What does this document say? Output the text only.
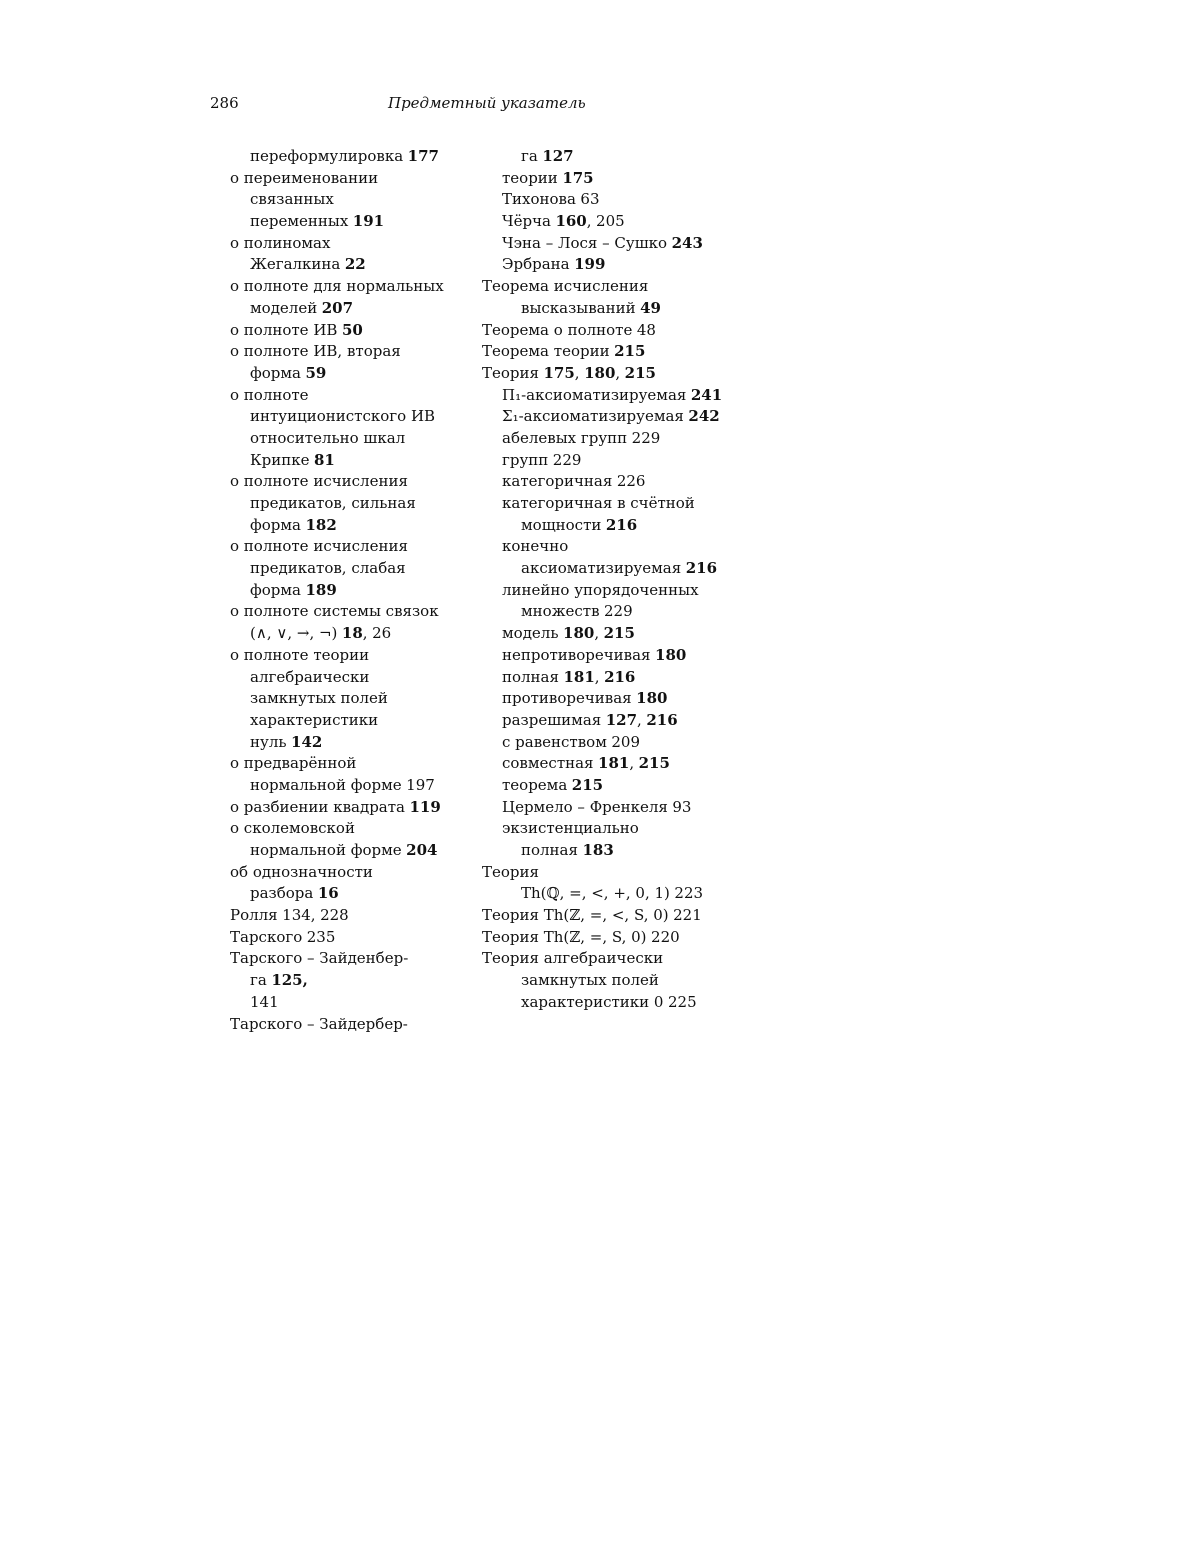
286	Предметный указатель
переформулировка 177
о переименовании
связанных
переменных 191
о полиномах
Жегалкина 22
о полноте для нормальных
моделей 207
о полноте ИВ 50
о полноте ИВ, вторая
форма 59
о полноте
интуиционистского ИВ
относительно шкал
Крипке 81
о полноте исчисления
предикатов, сильная
форма 182
о полноте исчисления
предикатов, слабая
форма 189
о полноте системы связок
(∧, ∨, →, ¬) 18, 26
о полноте теории
алгебраически
замкнутых полей
характеристики
нуль 142
о предварённой
нормальной форме 197
о разбиении квадрата 119
о сколемовской
нормальной форме 204
об однозначности
разбора 16
Ролля 134, 228
Тарского 235
Тарского – Зайденбер-
га 125,
141
Тарского – Зайдербер-
га 127
теории 175
Тихонова 63
Чёрча 160, 205
Чэна – Лося – Сушко 243
Эрбрана 199
Теорема исчисления
высказываний 49
Теорема о полноте 48
Теорема теории 215
Теория 175, 180, 215
Π₁-аксиоматизируемая 241
Σ₁-аксиоматизируемая 242
абелевых групп 229
групп 229
категоричная 226
категоричная в счётной
мощности 216
конечно
аксиоматизируемая 216
линейно упорядоченных
множеств 229
модель 180, 215
непротиворечивая 180
полная 181, 216
противоречивая 180
разрешимая 127, 216
с равенством 209
совместная 181, 215
теорема 215
Цермело – Френкеля 93
экзистенциально
полная 183
Теория
Th(ℚ, =, <, +, 0, 1) 223
Теория Th(ℤ, =, <, S, 0) 221
Теория Th(ℤ, =, S, 0) 220
Теория алгебраически
замкнутых полей
характеристики 0 225
